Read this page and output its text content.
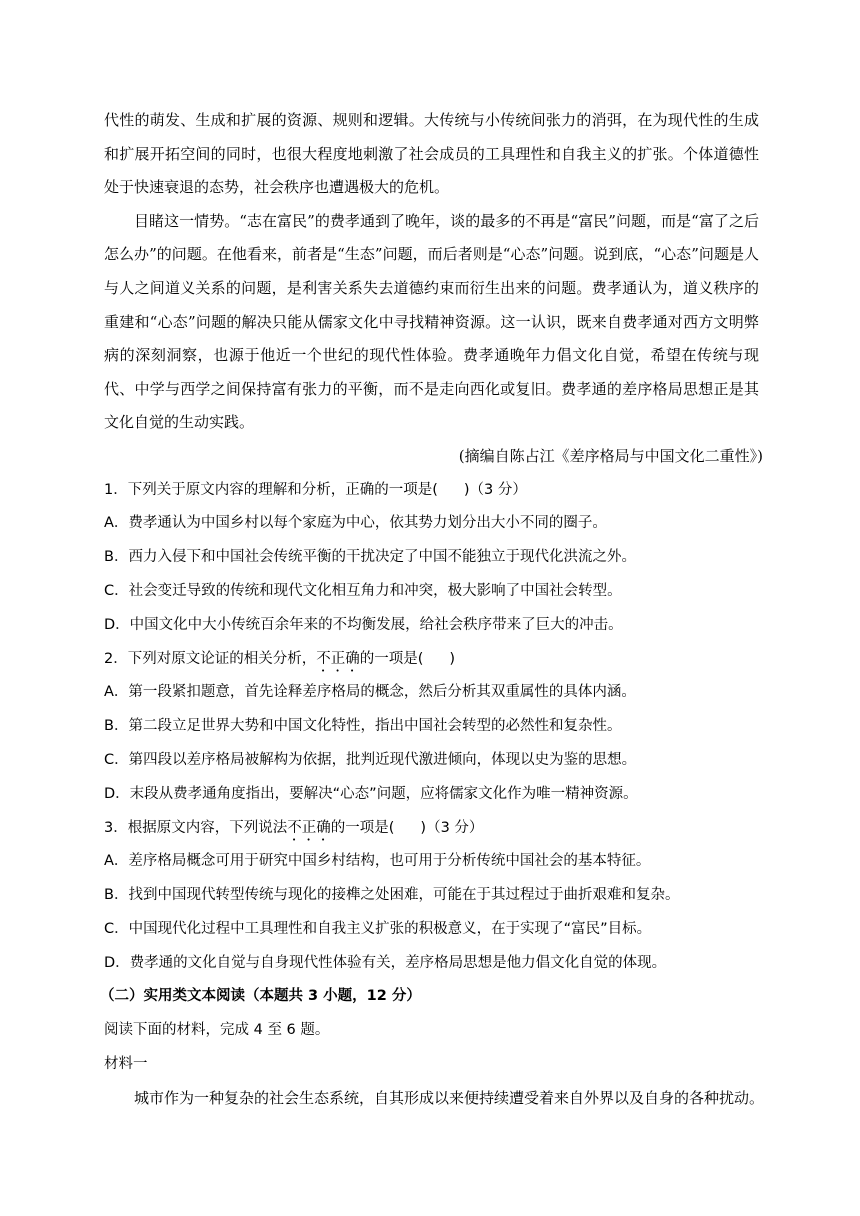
代性的萌发、生成和扩展的资源、规则和逻辑。大传统与小传统间张力的消弭，在为现代性的生成和扩展开拓空间的同时，也很大程度地刺激了社会成员的工具理性和自我主义的扩张。个体道德性处于快速衰退的态势，社会秩序也遭遇极大的危机。

目睹这一情势。“志在富民”的费孝通到了晚年，谈的最多的不再是“富民”问题，而是“富了之后怎么办”的问题。在他看来，前者是“生态”问题，而后者则是“心态”问题。说到底，“心态”问题是人与人之间道义关系的问题，是利害关系失去道德约束而衍生出来的问题。费孝通认为，道义秩序的重建和“心态”问题的解决只能从儒家文化中寻找精神资源。这一认识，既来自费孝通对西方文明弊病的深刻洞察，也源于他近一个世纪的现代性体验。费孝通晚年力倡文化自觉，希望在传统与现代、中学与西学之间保持富有张力的平衡，而不是走向西化或复旧。费孝通的差序格局思想正是其文化自觉的生动实践。

(摘编自陈占江《差序格局与中国文化二重性》)

1．下列关于原文内容的理解和分析，正确的一项是( )（3 分）

A．费孝通认为中国乡村以每个家庭为中心，依其势力划分出大小不同的圈子。

B．西力入侵下和中国社会传统平衡的干扰决定了中国不能独立于现代化洪流之外。

C．社会变迁导致的传统和现代文化相互角力和冲突，极大影响了中国社会转型。

D．中国文化中大小传统百余年来的不均衡发展，给社会秩序带来了巨大的冲击。

2．下列对原文论证的相关分析，不正确的一项是( )

A．第一段紧扣题意，首先诠释差序格局的概念，然后分析其双重属性的具体内涵。

B．第二段立足世界大势和中国文化特性，指出中国社会转型的必然性和复杂性。

C．第四段以差序格局被解构为依据，批判近现代激进倾向，体现以史为鉴的思想。

D．末段从费孝通角度指出，要解决“心态”问题，应将儒家文化作为唯一精神资源。

3．根据原文内容，下列说法不正确的一项是( )（3 分）

A．差序格局概念可用于研究中国乡村结构，也可用于分析传统中国社会的基本特征。

B．找到中国现代转型传统与现化的接榫之处困难，可能在于其过程过于曲折艰难和复杂。

C．中国现代化过程中工具理性和自我主义扩张的积极意义，在于实现了“富民”目标。

D．费孝通的文化自觉与自身现代性体验有关，差序格局思想是他力倡文化自觉的体现。

（二）实用类文本阅读（本题共 3 小题，12 分）

阅读下面的材料，完成 4 至 6 题。

材料一

城市作为一种复杂的社会生态系统，自其形成以来便持续遭受着来自外界以及自身的各种扰动。
